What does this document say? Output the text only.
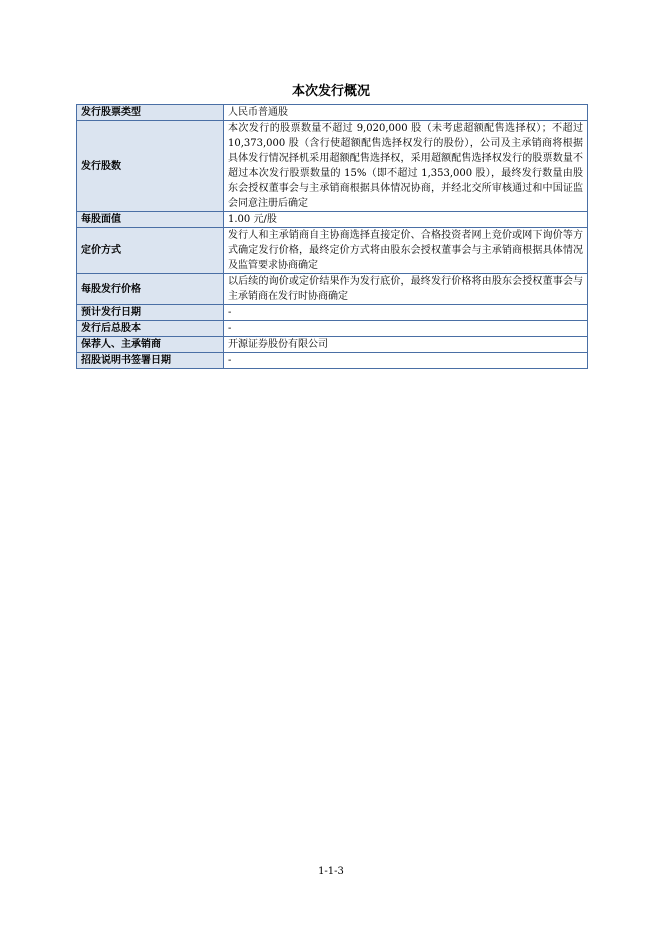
本次发行概况
发行股票类型	人民币普通股
发行股数	本次发行的股票数量不超过 9,020,000 股（未考虑超额配售选择权）；不超过 10,373,000 股（含行使超额配售选择权发行的股份），公司及主承销商将根据具体发行情况择机采用超额配售选择权，采用超额配售选择权发行的股票数量不超过本次发行股票数量的 15%（即不超过 1,353,000 股），最终发行数量由股东会授权董事会与主承销商根据具体情况协商，并经北交所审核通过和中国证监会同意注册后确定
每股面值	1.00 元/股
定价方式	发行人和主承销商自主协商选择直接定价、合格投资者网上竞价或网下询价等方式确定发行价格，最终定价方式将由股东会授权董事会与主承销商根据具体情况及监管要求协商确定
每股发行价格	以后续的询价或定价结果作为发行底价，最终发行价格将由股东会授权董事会与主承销商在发行时协商确定
预计发行日期	-
发行后总股本	-
保荐人、主承销商	开源证券股份有限公司
招股说明书签署日期	-
1-1-3
